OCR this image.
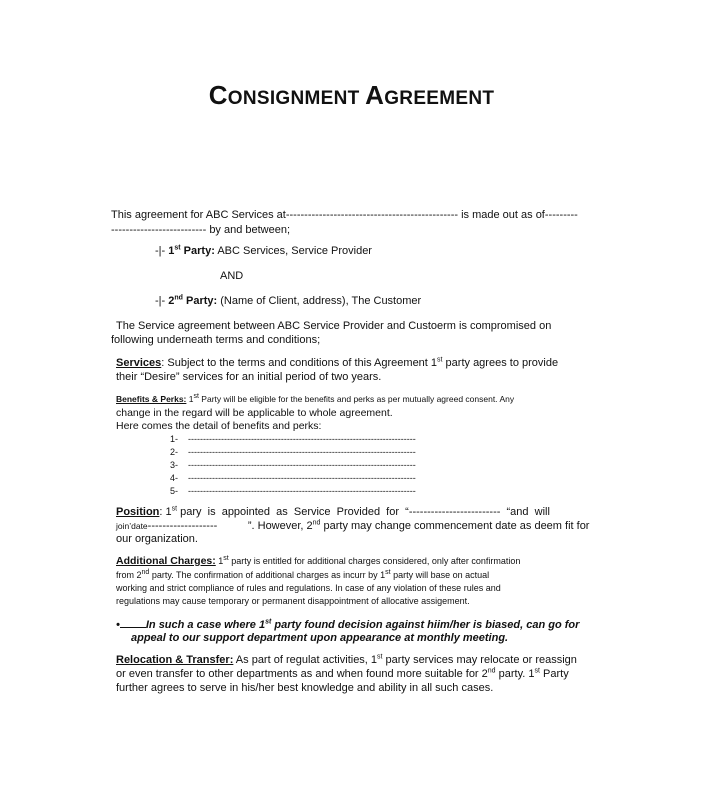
CONSIGNMENT AGREEMENT
This agreement for ABC Services at----------------------------------------------- is made out as of---------
-------------------------- by and between;
-|- 1st Party: ABC Services, Service Provider
AND
-|- 2nd Party: (Name of Client, address), The Customer
The Service agreement between ABC Service Provider and Custoerm is compromised on
following underneath terms and conditions;
Services: Subject to the terms and conditions of this Agreement 1st party agrees to provide
their “Desire” services for an initial period of two years.
Benefits & Perks: 1st Party will be eligible for the benefits and perks as per mutually agreed consent. Any
change in the regard will be applicable to whole agreement.
Here comes the detail of benefits and perks:
1- ----------------------------------------------------------------------------
2- ----------------------------------------------------------------------------
3- ----------------------------------------------------------------------------
4- ----------------------------------------------------------------------------
5- ----------------------------------------------------------------------------
Position: 1st pary  is  appointed  as  Service  Provided  for  “-------------------------  “and  will
join’date-------------------	”. However, 2nd party may change commencement date as deem fit for
our organization.
Additional Charges: 1st party is entitled for additional charges considered, only after confirmation
from 2nd party. The confirmation of additional charges as incurr by 1st party will base on actual
working and strict compliance of rules and regulations. In case of any violation of these rules and
regulations may cause temporary or permanent disappointment of allocative assigement.
• In such a case where 1st party found decision against hiim/her is biased, can go for
appeal to our support department upon appearance at monthly meeting.
Relocation & Transfer: As part of regulat activities, 1st party services may relocate or reassign
or even transfer to other departments as and when found more suitable for 2nd party. 1st Party
further agrees to serve in his/her best knowledge and ability in all such cases.
